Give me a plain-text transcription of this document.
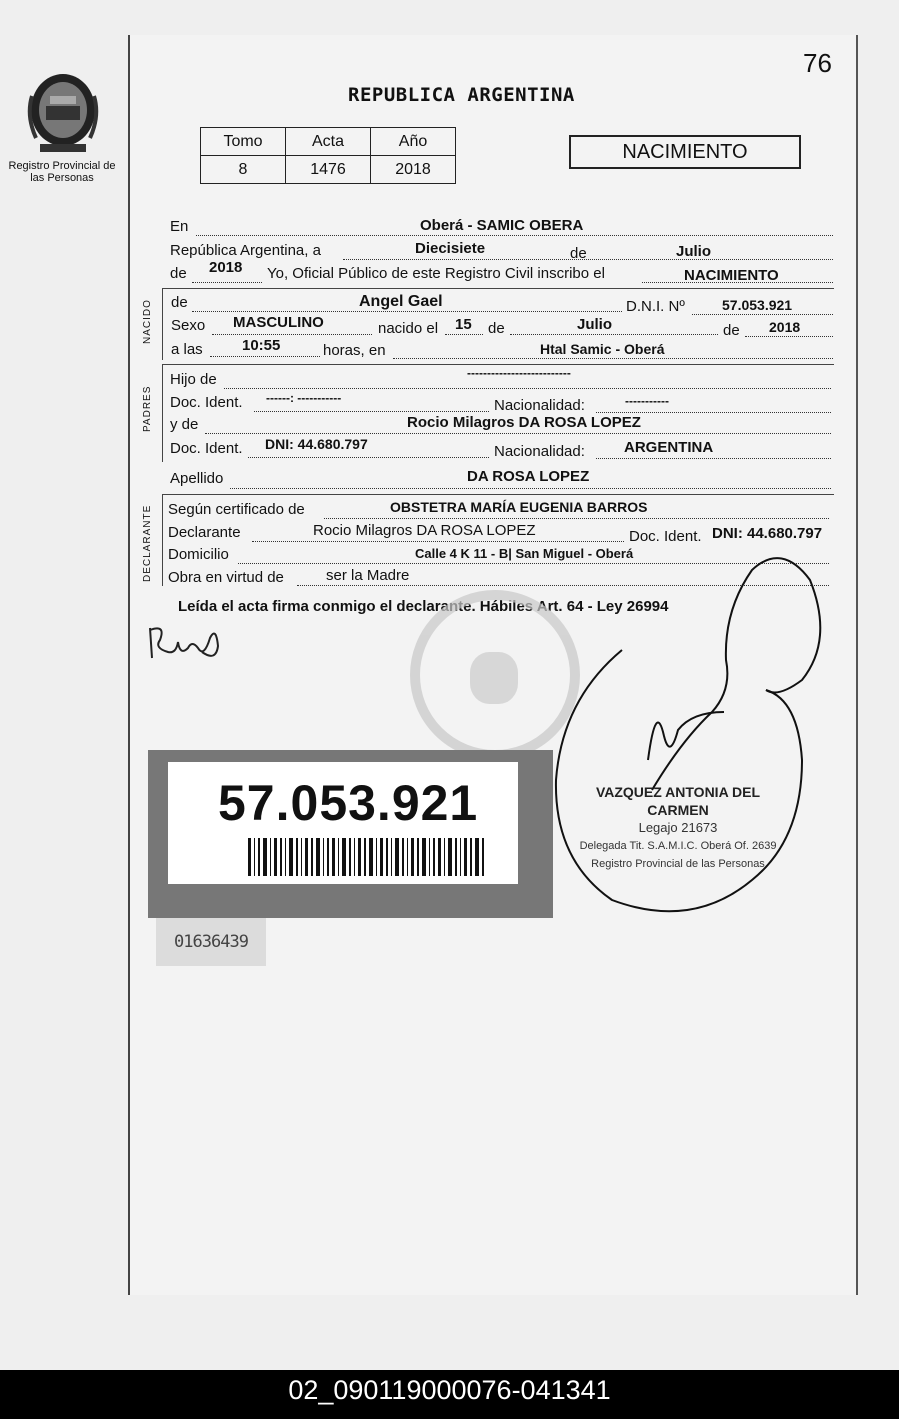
76
Registro Provincial de las Personas
REPUBLICA ARGENTINA
Tomo	Acta	Año
8	1476	2018
NACIMIENTO
En	Oberá - SAMIC OBERA
República Argentina, a	Diecisiete	de	Julio
de 2018 Yo, Oficial Público de este Registro Civil inscribo el	NACIMIENTO
NACIDO de	Angel Gael	D.N.I. Nº	57.053.921
Sexo MASCULINO	nacido el 15 de	Julio	de 2018
a las	10:55	horas, en	Htal Samic - Oberá
PADRES
Hijo de	--------------------------
Doc. Ident. ------: -----------	Nacionalidad:	-----------
y de	Rocio Milagros DA ROSA LOPEZ
Doc. Ident. DNI: 44.680.797	Nacionalidad:	ARGENTINA
Apellido	DA ROSA LOPEZ
DECLARANTE Según certificado de	OBSTETRA MARÍA EUGENIA BARROS
Declarante	Rocio Milagros DA ROSA LOPEZ	Doc. Ident. DNI: 44.680.797
Domicilio	Calle 4 K 11 - B| San Miguel - Oberá
Obra en virtud de	ser la Madre
Leída el acta firma conmigo el declarante. Hábiles Art. 64 - Ley 26994
57.053.921	VAZQUEZ ANTONIA DEL CARMEN
Legajo 21673
Delegada Tit. S.A.M.I.C. Oberá Of. 2639
Registro Provincial de las Personas
01636439
02_090119000076-041341
